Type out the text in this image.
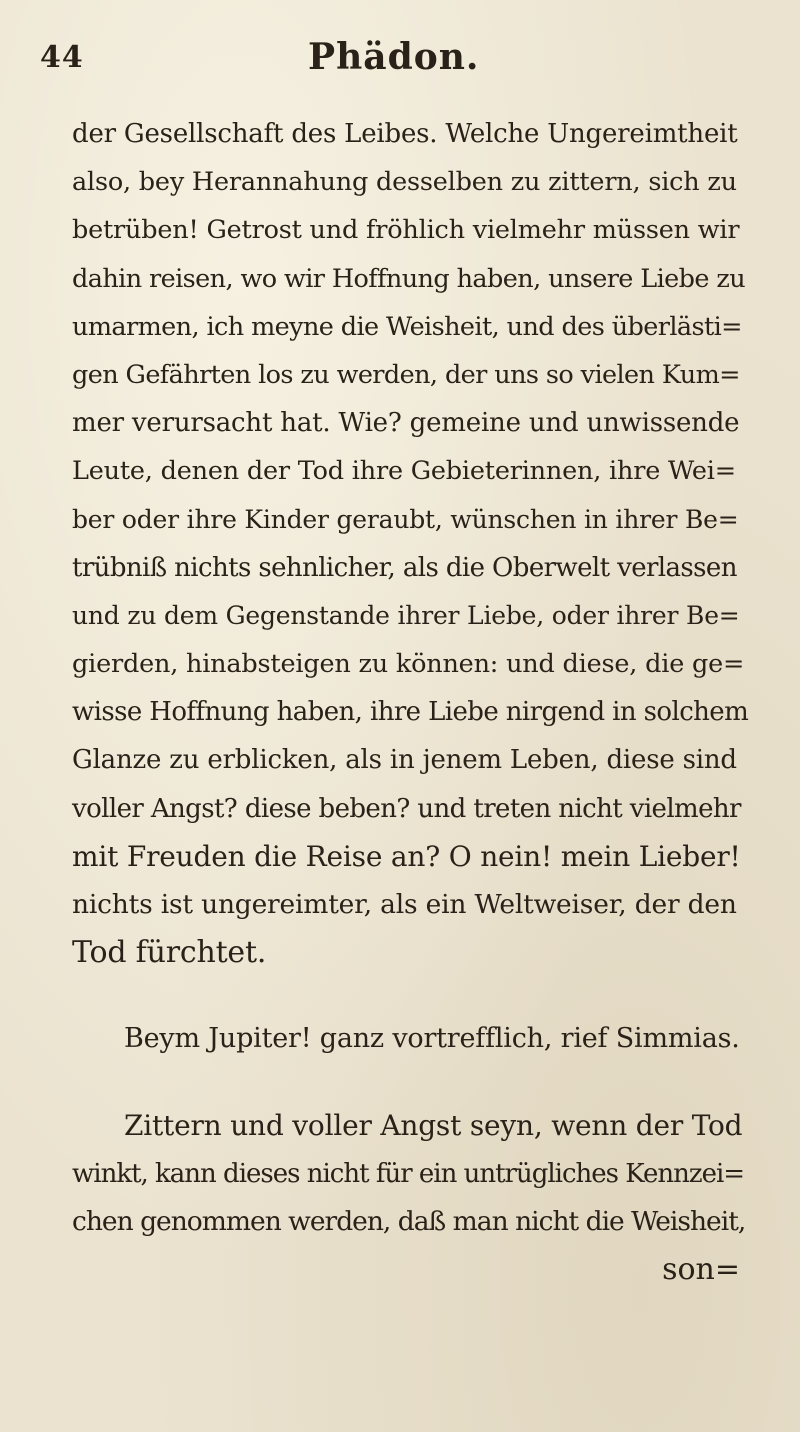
44	Phädon.
der Gesellschaft des Leibes. Welche Ungereimtheit
also, bey Herannahung desselben zu zittern, sich zu
betrüben! Getrost und fröhlich vielmehr müssen wir
dahin reisen, wo wir Hoffnung haben, unsere Liebe zu
umarmen, ich meyne die Weisheit, und des überlästi=
gen Gefährten los zu werden, der uns so vielen Kum=
mer verursacht hat. Wie? gemeine und unwissende
Leute, denen der Tod ihre Gebieterinnen, ihre Wei=
ber oder ihre Kinder geraubt, wünschen in ihrer Be=
trübniß nichts sehnlicher, als die Oberwelt verlassen
und zu dem Gegenstande ihrer Liebe, oder ihrer Be=
gierden, hinabsteigen zu können: und diese, die ge=
wisse Hoffnung haben, ihre Liebe nirgend in solchem
Glanze zu erblicken, als in jenem Leben, diese sind
voller Angst? diese beben? und treten nicht vielmehr
mit Freuden die Reise an? O nein! mein Lieber!
nichts ist ungereimter, als ein Weltweiser, der den
Tod fürchtet.
Beym Jupiter! ganz vortrefflich, rief Simmias.
Zittern und voller Angst seyn, wenn der Tod
winkt, kann dieses nicht für ein untrügliches Kennzei=
chen genommen werden, daß man nicht die Weisheit,
son=
